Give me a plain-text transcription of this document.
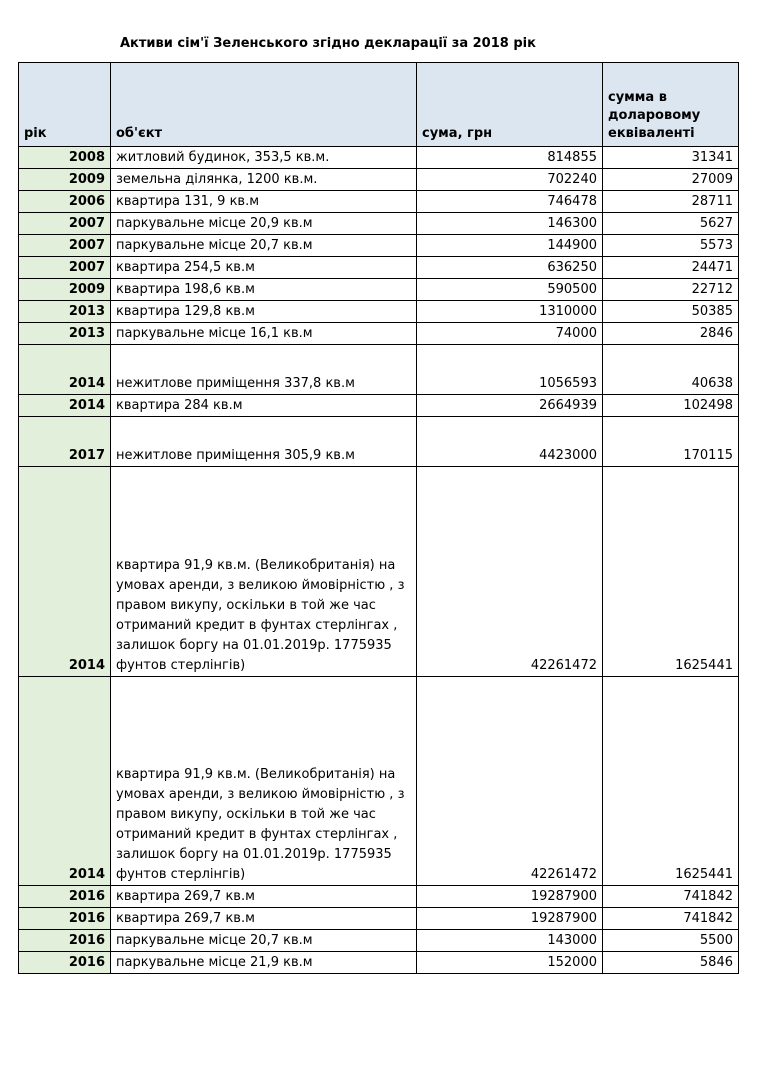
Активи сім'ї Зеленського згідно декларації за 2018 рік
рік	об'єкт	сума, грн	сумма в доларовому еквіваленті
2008	житловий будинок, 353,5 кв.м.	814855	31341
2009	земельна ділянка, 1200 кв.м.	702240	27009
2006	квартира 131, 9 кв.м	746478	28711
2007	паркувальне місце 20,9 кв.м	146300	5627
2007	паркувальне місце 20,7 кв.м	144900	5573
2007	квартира 254,5 кв.м	636250	24471
2009	квартира 198,6 кв.м	590500	22712
2013	квартира 129,8 кв.м	1310000	50385
2013	паркувальне місце 16,1 кв.м	74000	2846
2014	нежитлове приміщення 337,8 кв.м	1056593	40638
2014	квартира 284 кв.м	2664939	102498
2017	нежитлове приміщення 305,9 кв.м	4423000	170115
2014	квартира 91,9 кв.м. (Великобританія) на умовах аренди, з великою ймовірністю , з правом викупу, оскільки в той же час отриманий кредит в фунтах стерлінгах , залишок боргу на 01.01.2019р. 1775935 фунтов стерлінгів)	42261472	1625441
2014	квартира 91,9 кв.м. (Великобританія) на умовах аренди, з великою ймовірністю , з правом викупу, оскільки в той же час отриманий кредит в фунтах стерлінгах , залишок боргу на 01.01.2019р. 1775935 фунтов стерлінгів)	42261472	1625441
2016	квартира 269,7 кв.м	19287900	741842
2016	квартира 269,7 кв.м	19287900	741842
2016	паркувальне місце 20,7 кв.м	143000	5500
2016	паркувальне місце 21,9 кв.м	152000	5846
